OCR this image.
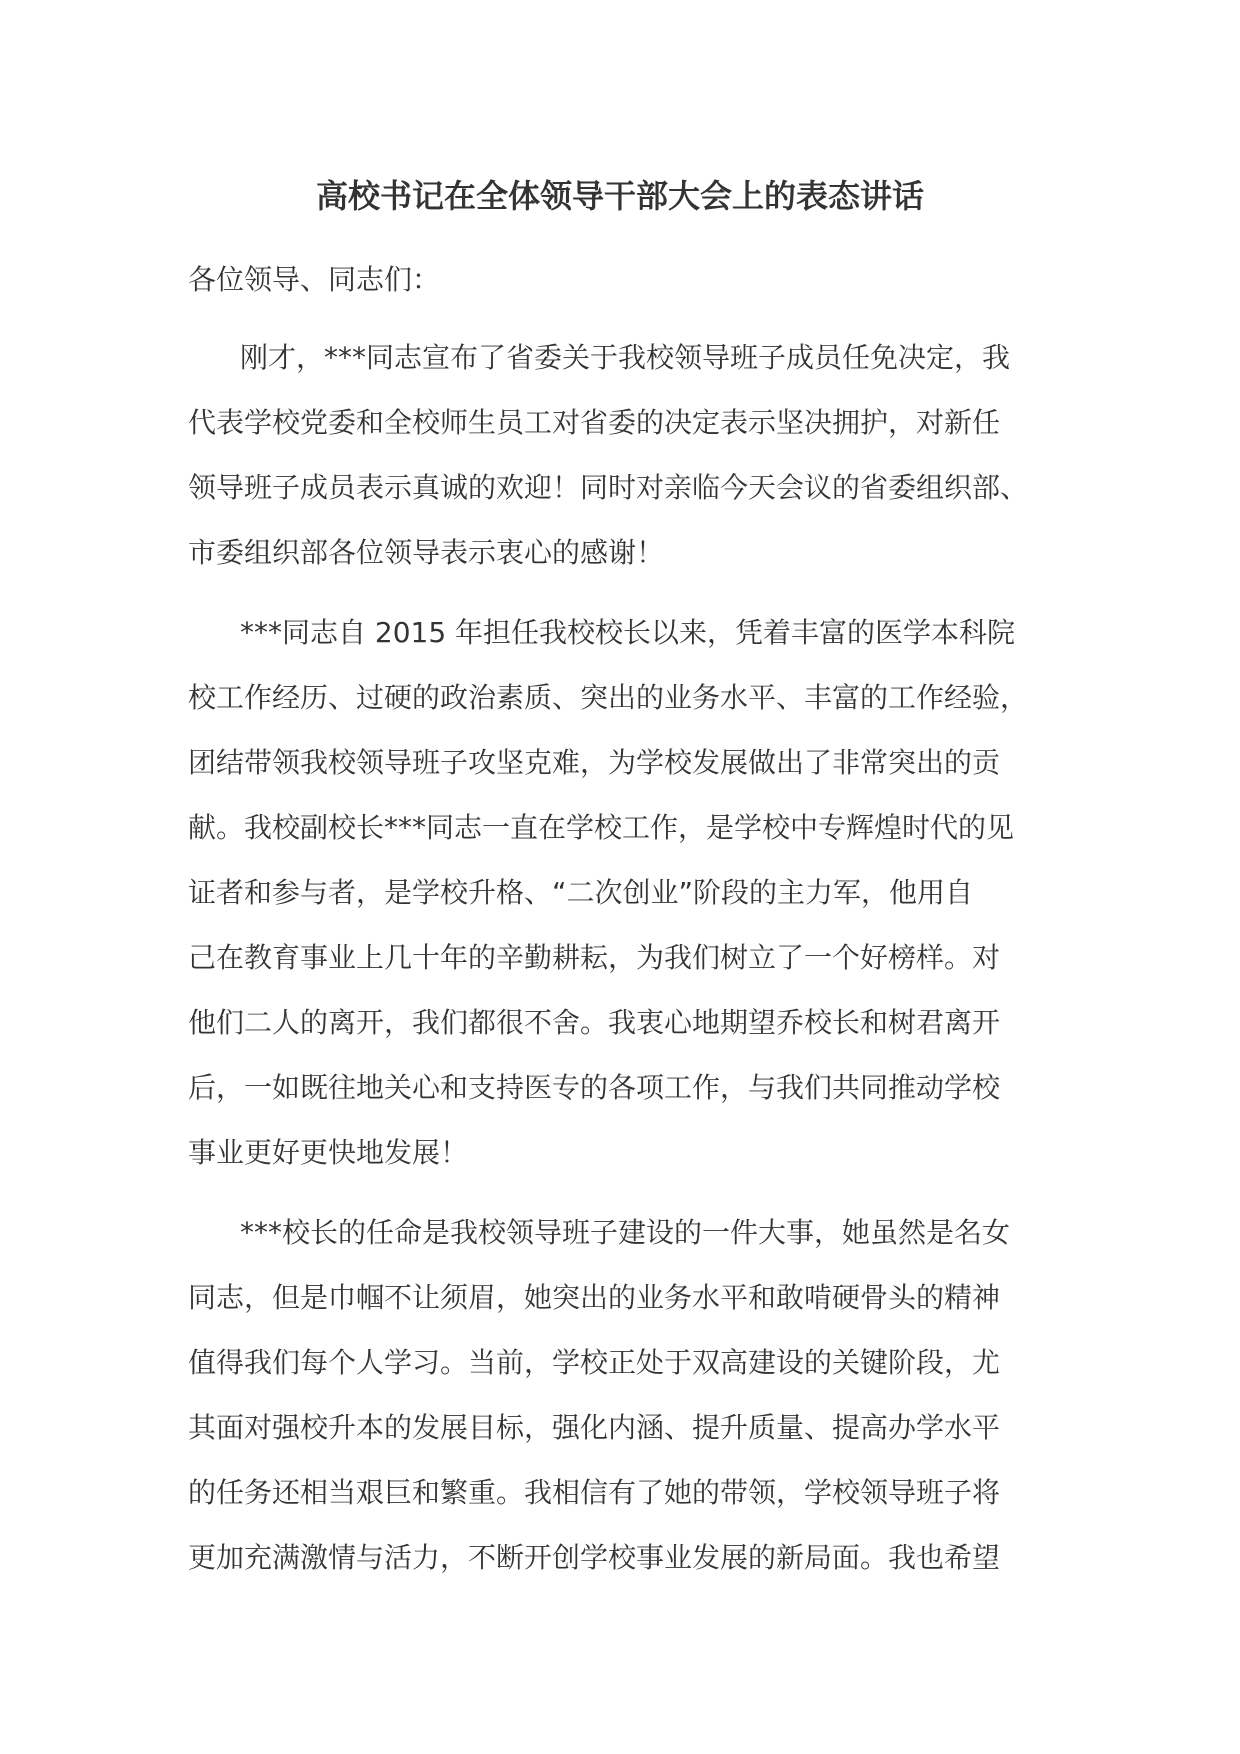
高校书记在全体领导干部大会上的表态讲话

各位领导、同志们：

刚才，***同志宣布了省委关于我校领导班子成员任免决定，我
代表学校党委和全校师生员工对省委的决定表示坚决拥护，对新任
领导班子成员表示真诚的欢迎！同时对亲临今天会议的省委组织部、
市委组织部各位领导表示衷心的感谢！
***同志自 2015 年担任我校校长以来，凭着丰富的医学本科院
校工作经历、过硬的政治素质、突出的业务水平、丰富的工作经验，
团结带领我校领导班子攻坚克难，为学校发展做出了非常突出的贡
献。我校副校长***同志一直在学校工作，是学校中专辉煌时代的见
证者和参与者，是学校升格、“二次创业”阶段的主力军，他用自
己在教育事业上几十年的辛勤耕耘，为我们树立了一个好榜样。对
他们二人的离开，我们都很不舍。我衷心地期望乔校长和树君离开
后，一如既往地关心和支持医专的各项工作，与我们共同推动学校
事业更好更快地发展！
***校长的任命是我校领导班子建设的一件大事，她虽然是名女
同志，但是巾帼不让须眉，她突出的业务水平和敢啃硬骨头的精神
值得我们每个人学习。当前，学校正处于双高建设的关键阶段，尤
其面对强校升本的发展目标，强化内涵、提升质量、提高办学水平
的任务还相当艰巨和繁重。我相信有了她的带领，学校领导班子将
更加充满激情与活力，不断开创学校事业发展的新局面。我也希望
